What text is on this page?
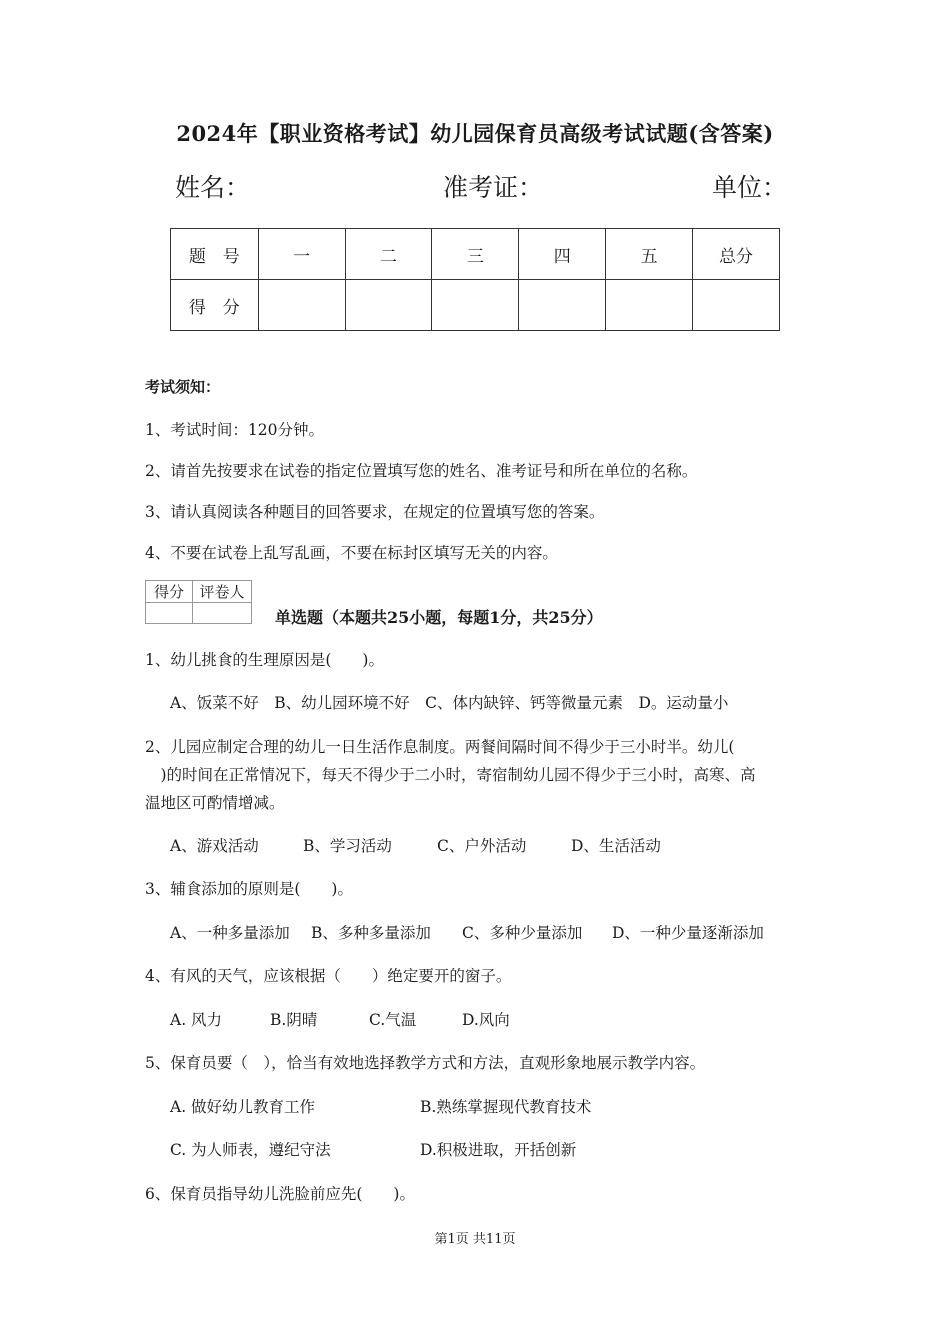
2024年【职业资格考试】幼儿园保育员高级考试试题(含答案)
姓名：	准考证：	单位：
题　号	一	二	三	四	五	总分
得　分						
考试须知：
1、考试时间：120分钟。
2、请首先按要求在试卷的指定位置填写您的姓名、准考证号和所在单位的名称。
3、请认真阅读各种题目的回答要求，在规定的位置填写您的答案。
4、不要在试卷上乱写乱画，不要在标封区填写无关的内容。
得分	评卷人

单选题（本题共25小题，每题1分，共25分）
1、幼儿挑食的生理原因是(　　)。
A、饭菜不好　B、幼儿园环境不好　C、体内缺锌、钙等微量元素　D。运动量小
2、儿园应制定合理的幼儿一日生活作息制度。两餐间隔时间不得少于三小时半。幼儿(
　)的时间在正常情况下，每天不得少于二小时，寄宿制幼儿园不得少于三小时，高寒、高
温地区可酌情增减。
A、游戏活动	B、学习活动	C、户外活动	D、生活活动
3、辅食添加的原则是(　　)。
A、一种多量添加 B、多种多量添加 C、多种少量添加 D、一种少量逐渐添加
4、有风的天气，应该根据（　　）绝定要开的窗子。
A. 风力	B.阴晴	C.气温	D.风向
5、保育员要（　），恰当有效地选择教学方式和方法，直观形象地展示教学内容。
A. 做好幼儿教育工作	B.熟练掌握现代教育技术
C. 为人师表，遵纪守法	D.积极进取，开括创新
6、保育员指导幼儿洗脸前应先(　　)。
第1页 共11页
